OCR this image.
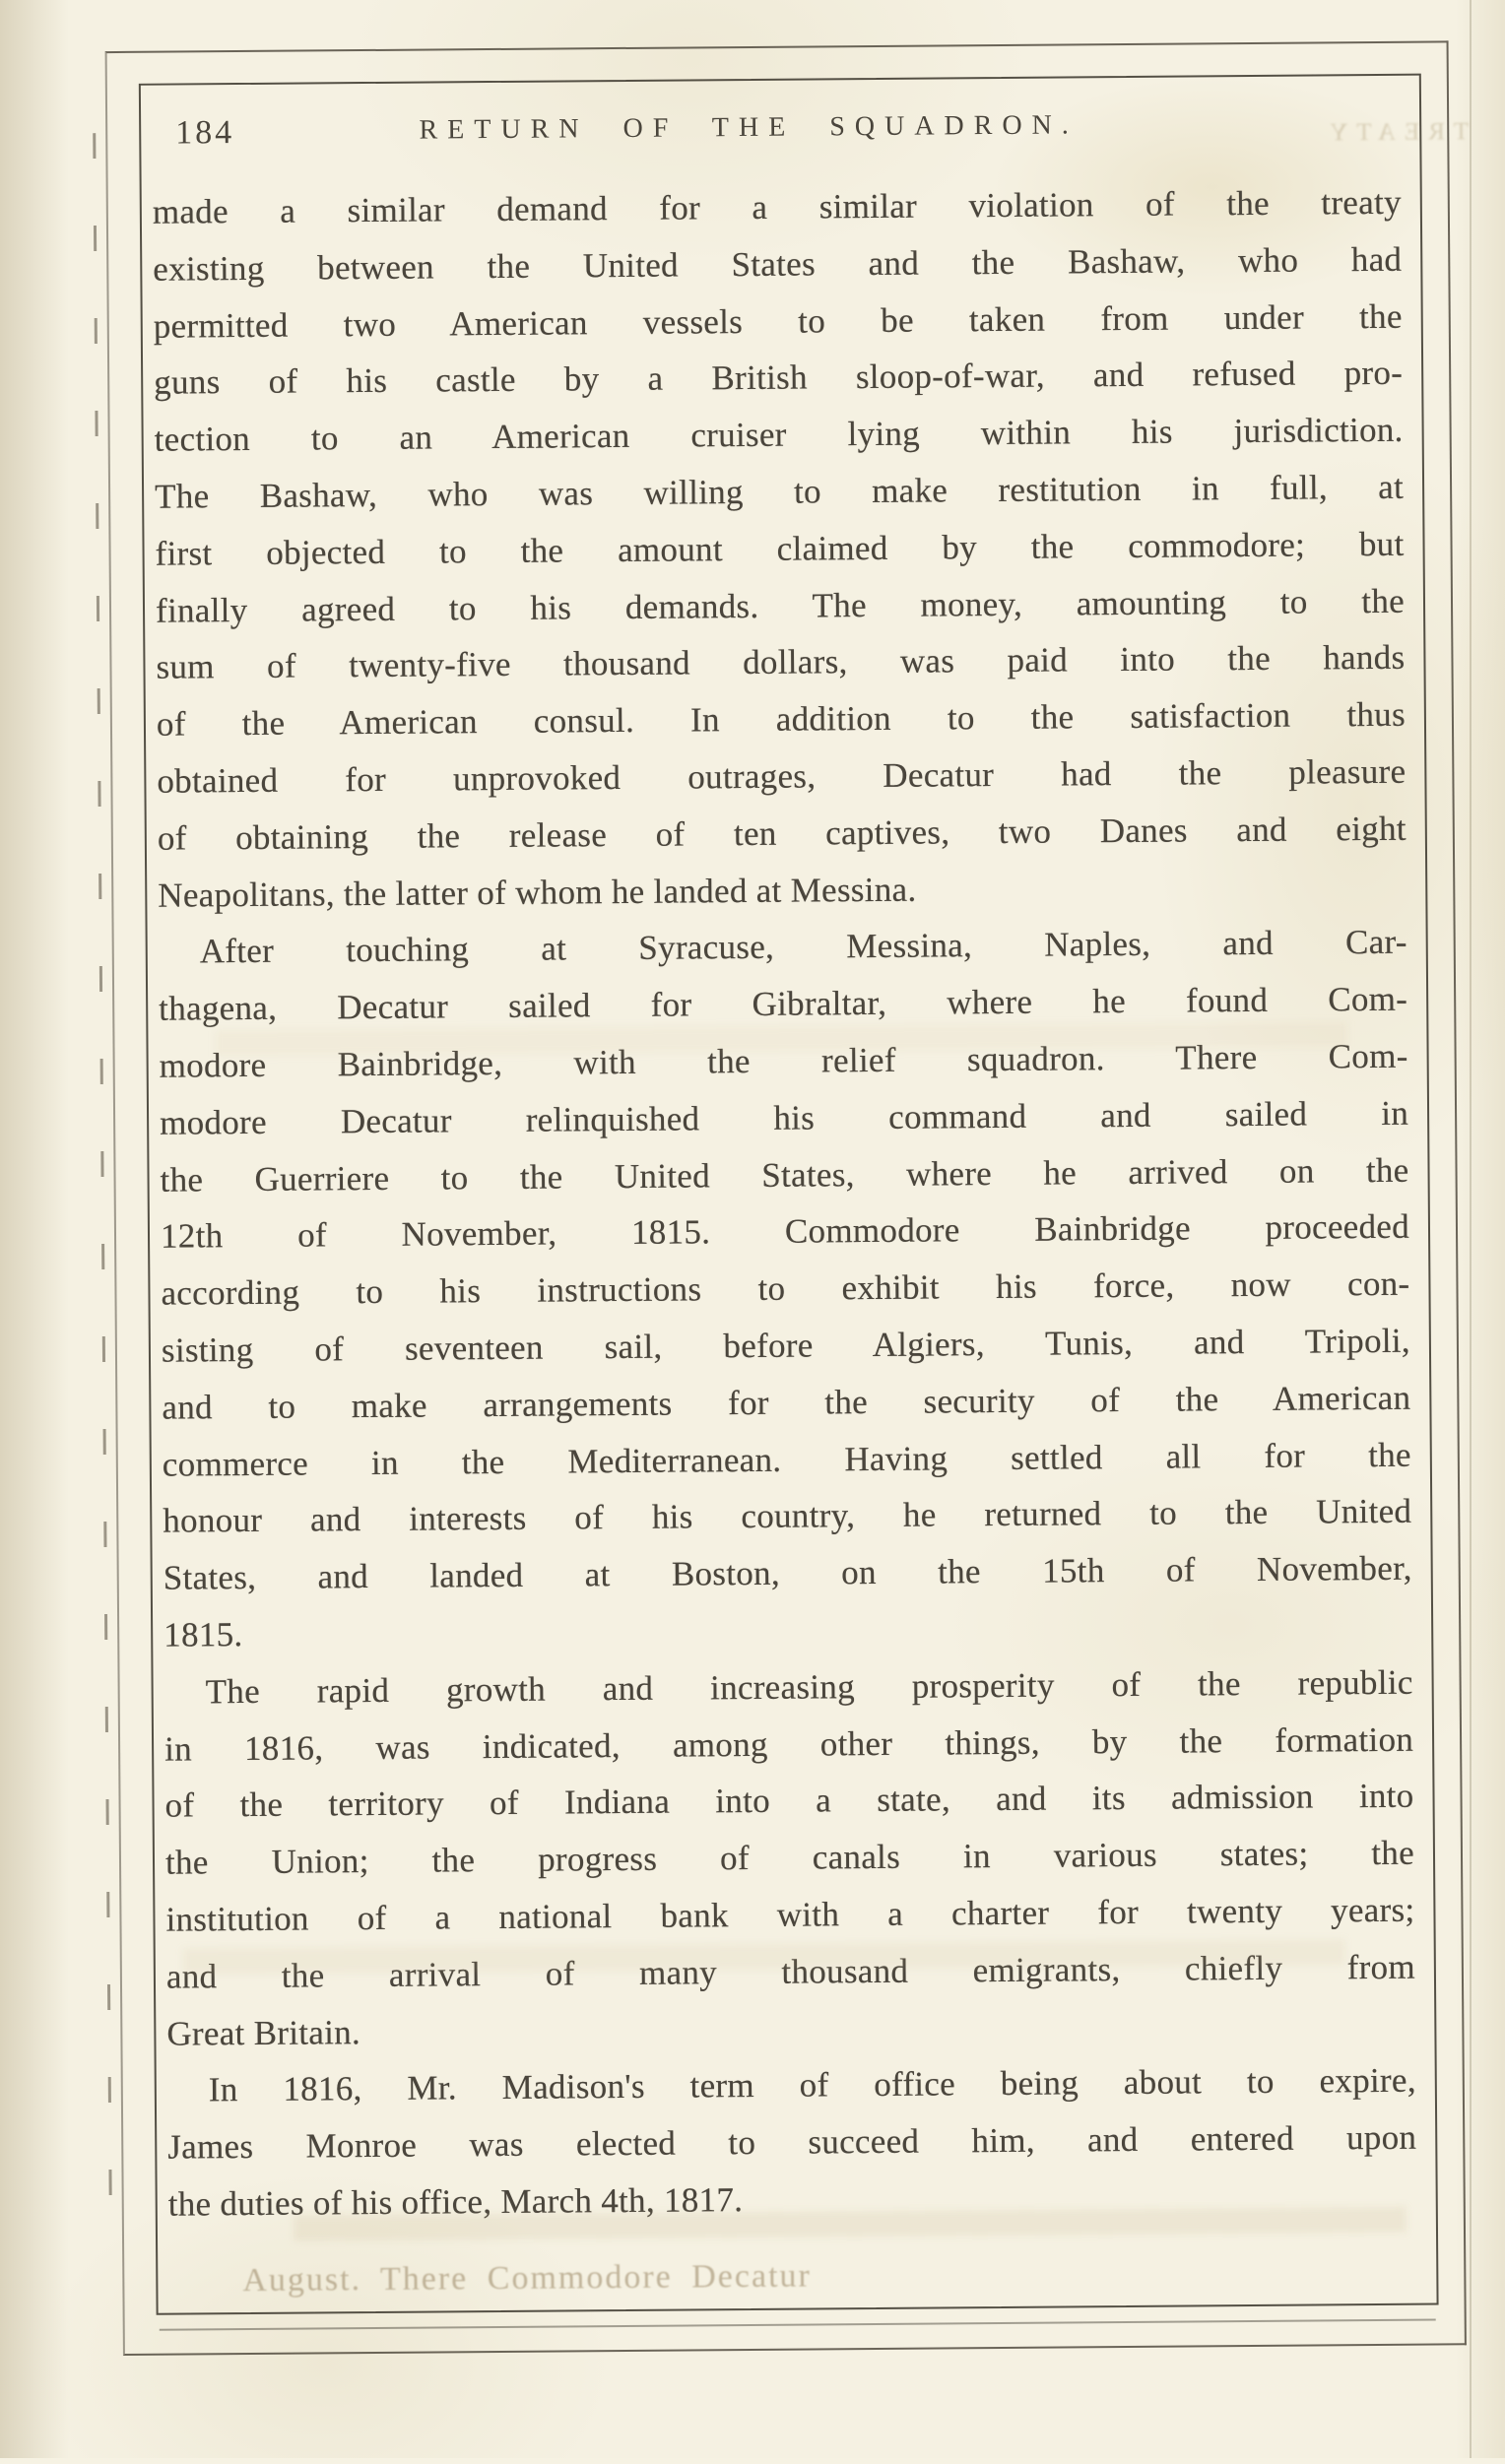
184	RETURN OF THE SQUADRON.	TREATY
made a similar demand for a similar violation of the treaty
existing between the United States and the Bashaw, who had
permitted two American vessels to be taken from under the
guns of his castle by a British sloop-of-war, and refused pro-
tection to an American cruiser lying within his jurisdiction.
The Bashaw, who was willing to make restitution in full, at
first objected to the amount claimed by the commodore; but
finally agreed to his demands. The money, amounting to the
sum of twenty-five thousand dollars, was paid into the hands
of the American consul. In addition to the satisfaction thus
obtained for unprovoked outrages, Decatur had the pleasure
of obtaining the release of ten captives, two Danes and eight
Neapolitans, the latter of whom he landed at Messina.
After touching at Syracuse, Messina, Naples, and Car-
thagena, Decatur sailed for Gibraltar, where he found Com-
modore Bainbridge, with the relief squadron. There Com-
modore Decatur relinquished his command and sailed in
the Guerriere to the United States, where he arrived on the
12th of November, 1815. Commodore Bainbridge proceeded
according to his instructions to exhibit his force, now con-
sisting of seventeen sail, before Algiers, Tunis, and Tripoli,
and to make arrangements for the security of the American
commerce in the Mediterranean. Having settled all for the
honour and interests of his country, he returned to the United
States, and landed at Boston, on the 15th of November,
1815.
The rapid growth and increasing prosperity of the republic
in 1816, was indicated, among other things, by the formation
of the territory of Indiana into a state, and its admission into
the Union; the progress of canals in various states; the
institution of a national bank with a charter for twenty years;
and the arrival of many thousand emigrants, chiefly from
Great Britain.
In 1816, Mr. Madison's term of office being about to expire,
James Monroe was elected to succeed him, and entered upon
the duties of his office, March 4th, 1817.
August. There Commodore Decatur
